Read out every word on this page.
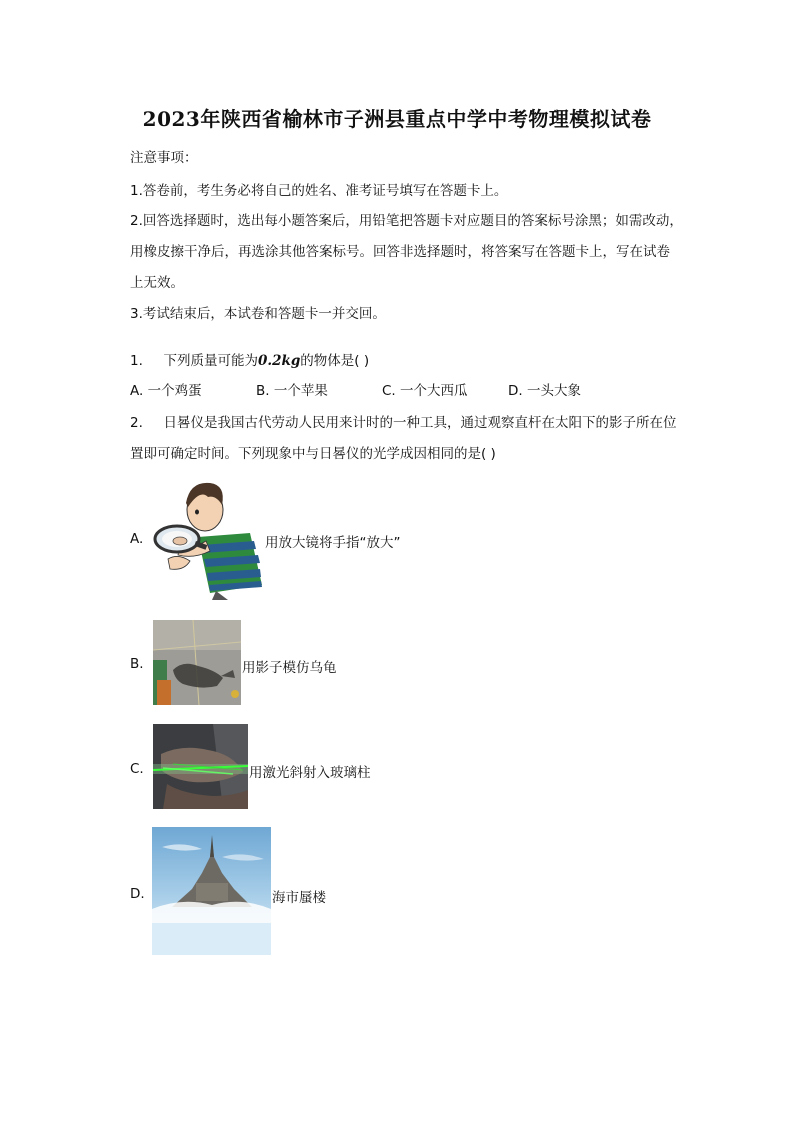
2023年陕西省榆林市子洲县重点中学中考物理模拟试卷
注意事项：
1.答卷前，考生务必将自己的姓名、准考证号填写在答题卡上。
2.回答选择题时，选出每小题答案后，用铅笔把答题卡对应题目的答案标号涂黑；如需改动，
用橡皮擦干净后，再选涂其他答案标号。回答非选择题时，将答案写在答题卡上，写在试卷
上无效。
3.考试结束后，本试卷和答题卡一并交回。
1. 下列质量可能为0.2kg的物体是( )
A. 一个鸡蛋	B. 一个苹果	C. 一个大西瓜	D. 一头大象
2. 日晷仪是我国古代劳动人民用来计时的一种工具，通过观察直杆在太阳下的影子所在位
置即可确定时间。下列现象中与日晷仪的光学成因相同的是( )
A.	用放大镜将手指“放大”
B.	用影子模仿乌龟
C.	用激光斜射入玻璃柱
D.	海市蜃楼
